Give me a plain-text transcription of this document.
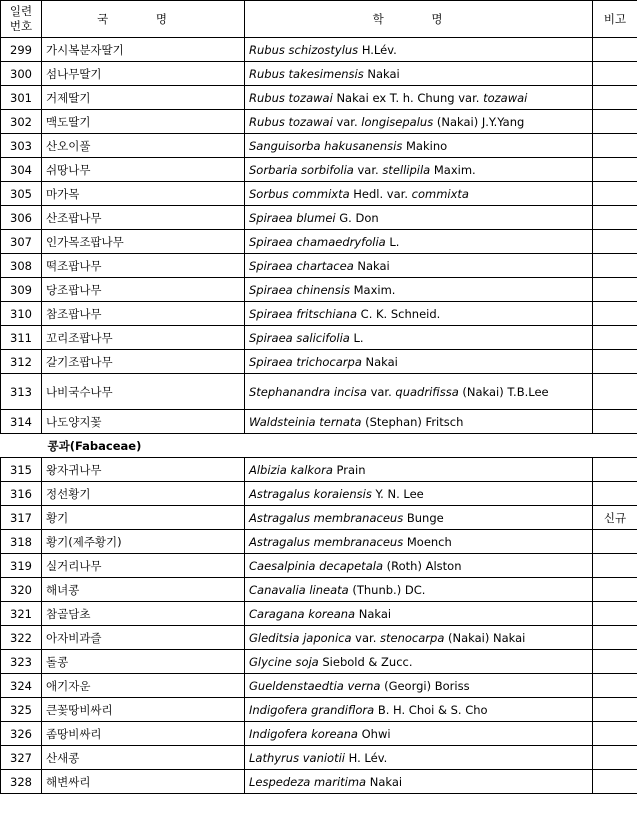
일련
번호	국 명	학 명	비고
299	가시복분자딸기	Rubus schizostylus H.Lév.	
300	섬나무딸기	Rubus takesimensis Nakai	
301	거제딸기	Rubus tozawai Nakai ex T. h. Chung var. tozawai	
302	맥도딸기	Rubus tozawai var. longisepalus (Nakai) J.Y.Yang	
303	산오이풀	Sanguisorba hakusanensis Makino	
304	쉬땅나무	Sorbaria sorbifolia var. stellipila Maxim.	
305	마가목	Sorbus commixta Hedl. var. commixta	
306	산조팝나무	Spiraea blumei G. Don	
307	인가목조팝나무	Spiraea chamaedryfolia L.	
308	떡조팝나무	Spiraea chartacea Nakai	
309	당조팝나무	Spiraea chinensis Maxim.	
310	참조팝나무	Spiraea fritschiana C. K. Schneid.	
311	꼬리조팝나무	Spiraea salicifolia L.	
312	갈기조팝나무	Spiraea trichocarpa Nakai	
313	나비국수나무	Stephanandra incisa var. quadrifissa (Nakai) T.B.Lee	
314	나도양지꽃	Waldsteinia ternata (Stephan) Fritsch	
콩과(Fabaceae)			
315	왕자귀나무	Albizia kalkora Prain	
316	정선황기	Astragalus koraiensis Y. N. Lee	
317	황기	Astragalus membranaceus Bunge	신규
318	황기(제주황기)	Astragalus membranaceus Moench	
319	실거리나무	Caesalpinia decapetala (Roth) Alston	
320	해녀콩	Canavalia lineata (Thunb.) DC.	
321	참골담초	Caragana koreana Nakai	
322	아자비과즐	Gleditsia japonica var. stenocarpa (Nakai) Nakai	
323	돌콩	Glycine soja Siebold & Zucc.	
324	애기자운	Gueldenstaedtia verna (Georgi) Boriss	
325	큰꽃땅비싸리	Indigofera grandiflora B. H. Choi & S. Cho	
326	좀땅비싸리	Indigofera koreana Ohwi	
327	산새콩	Lathyrus vaniotii H. Lév.	
328	해변싸리	Lespedeza maritima Nakai	
